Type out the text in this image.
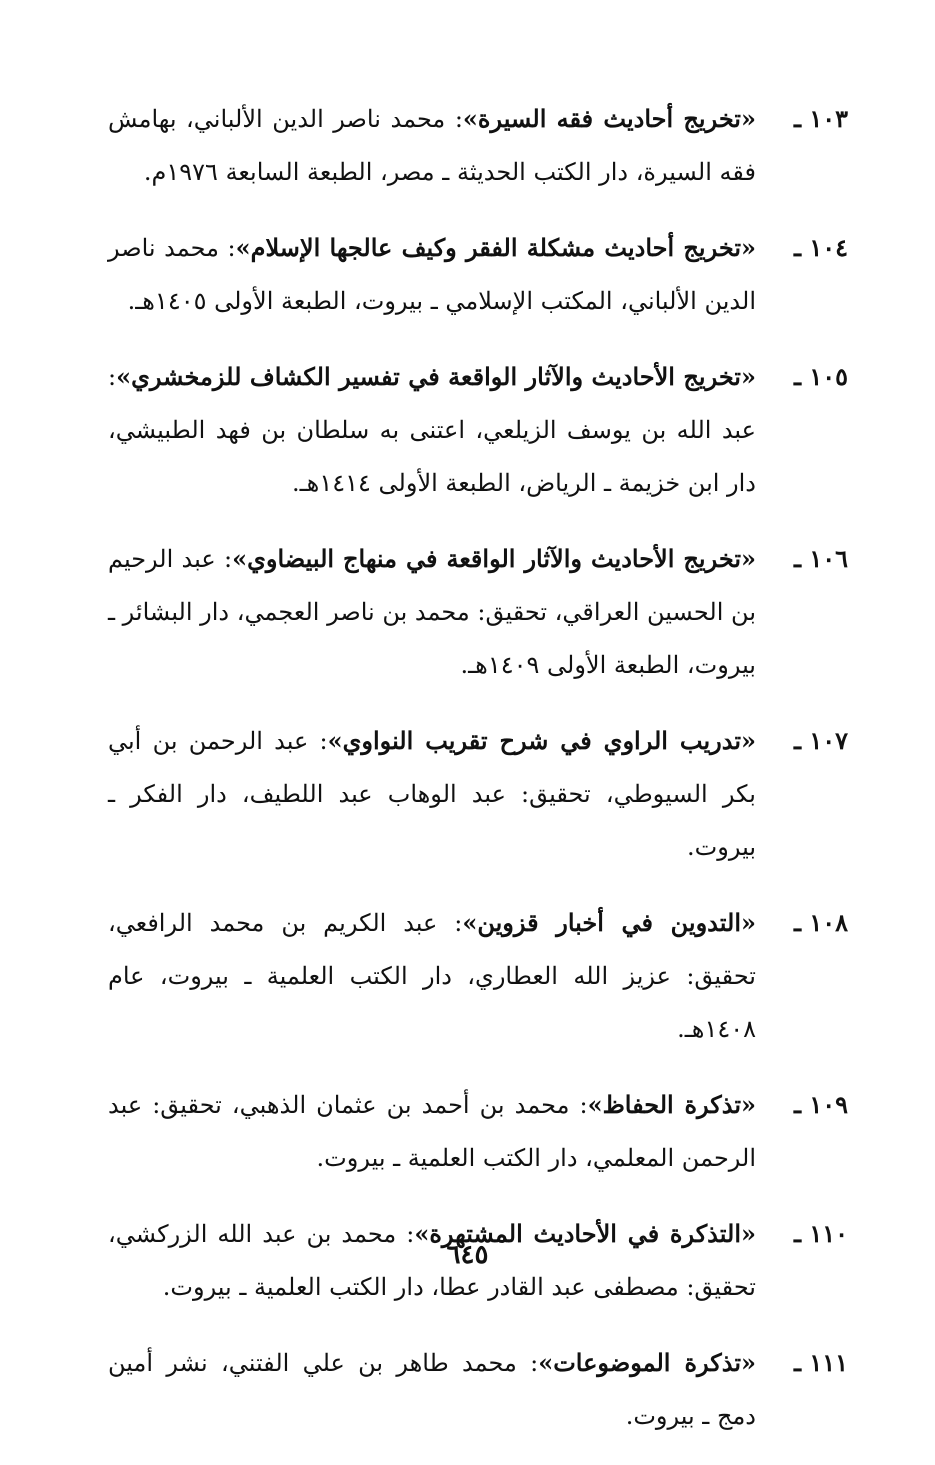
١٠٣ ـ
«تخريج أحاديث فقه السيرة»: محمد ناصر الدين الألباني، بهامش فقه السيرة، دار الكتب الحديثة ـ مصر، الطبعة السابعة ١٩٧٦م.
١٠٤ ـ
«تخريج أحاديث مشكلة الفقر وكيف عالجها الإسلام»: محمد ناصر الدين الألباني، المكتب الإسلامي ـ بيروت، الطبعة الأولى ١٤٠٥هـ.
١٠٥ ـ
«تخريج الأحاديث والآثار الواقعة في تفسير الكشاف للزمخشري»: عبد الله بن يوسف الزيلعي، اعتنى به سلطان بن فهد الطبيشي، دار ابن خزيمة ـ الرياض، الطبعة الأولى ١٤١٤هـ.
١٠٦ ـ
«تخريج الأحاديث والآثار الواقعة في منهاج البيضاوي»: عبد الرحيم بن الحسين العراقي، تحقيق: محمد بن ناصر العجمي، دار البشائر ـ بيروت، الطبعة الأولى ١٤٠٩هـ.
١٠٧ ـ
«تدريب الراوي في شرح تقريب النواوي»: عبد الرحمن بن أبي بكر السيوطي، تحقيق: عبد الوهاب عبد اللطيف، دار الفكر ـ بيروت.
١٠٨ ـ
«التدوين في أخبار قزوين»: عبد الكريم بن محمد الرافعي، تحقيق: عزيز الله العطاري، دار الكتب العلمية ـ بيروت، عام ١٤٠٨هـ.
١٠٩ ـ
«تذكرة الحفاظ»: محمد بن أحمد بن عثمان الذهبي، تحقيق: عبد الرحمن المعلمي، دار الكتب العلمية ـ بيروت.
١١٠ ـ
«التذكرة في الأحاديث المشتهرة»: محمد بن عبد الله الزركشي، تحقيق: مصطفى عبد القادر عطا، دار الكتب العلمية ـ بيروت.
١١١ ـ
«تذكرة الموضوعات»: محمد طاهر بن علي الفتني، نشر أمين دمج ـ بيروت.
٦٤٥
